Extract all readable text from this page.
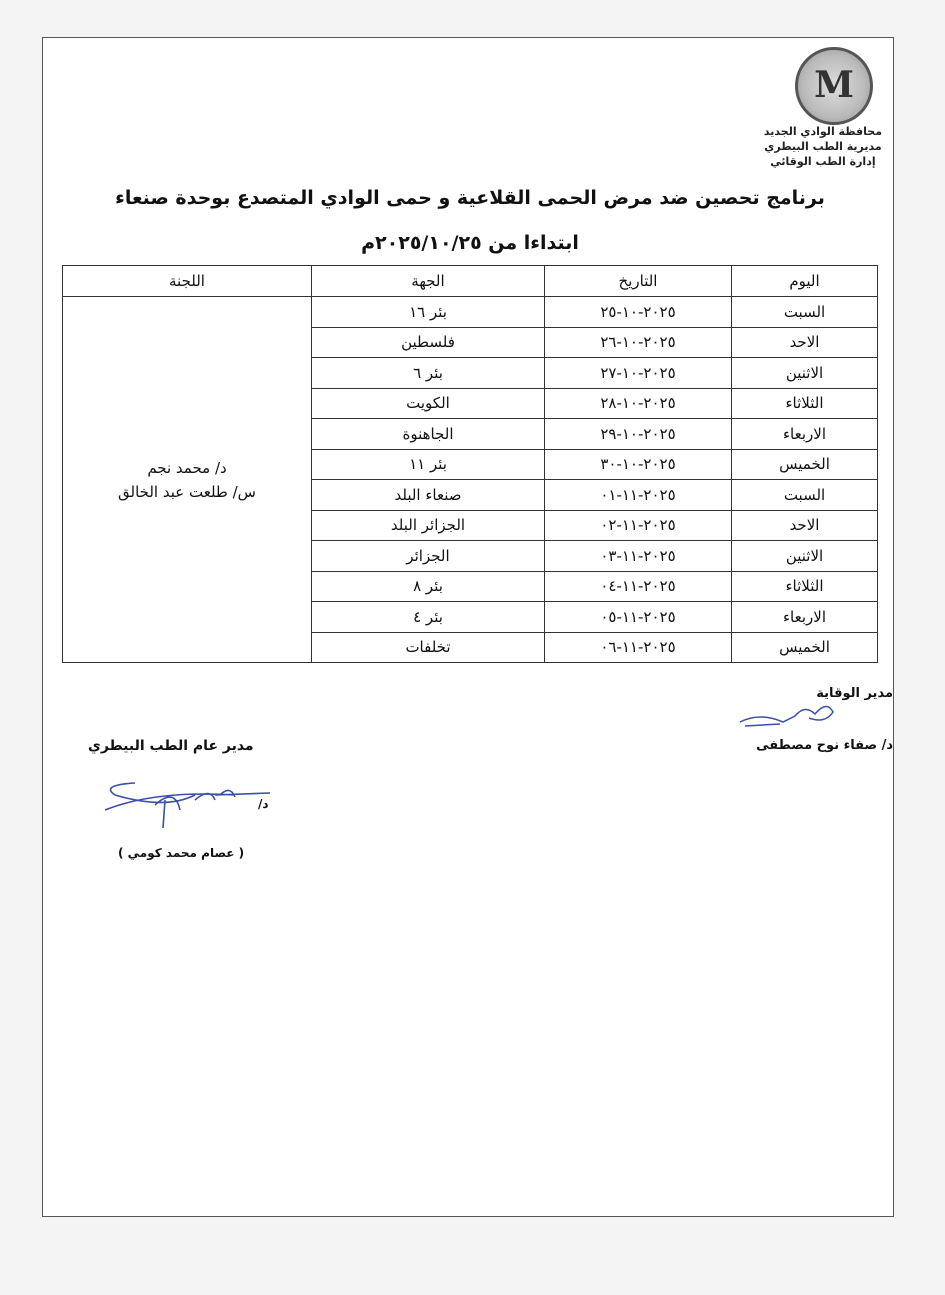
M
محافظة الوادي الجديد
مديرية الطب البيطري
إدارة الطب الوقائي
برنامج تحصين ضد مرض الحمى القلاعية و حمى الوادي المتصدع بوحدة صنعاء
ابتداءا من ٢٠٢٥/١٠/٢٥م
اليوم	التاريخ	الجهة	اللجنة
السبت	٢٠٢٥-١٠-٢٥	بئر ١٦	د/ محمد نجم
س/ طلعت عبد الخالق

الاحد	٢٠٢٥-١٠-٢٦	فلسطين	
الاثنين	٢٠٢٥-١٠-٢٧	بئر ٦	
الثلاثاء	٢٠٢٥-١٠-٢٨	الكويت	
الاربعاء	٢٠٢٥-١٠-٢٩	الجاهنوة	
الخميس	٢٠٢٥-١٠-٣٠	بئر ١١	
السبت	٢٠٢٥-١١-٠١	صنعاء البلد	
الاحد	٢٠٢٥-١١-٠٢	الجزائر البلد	
الاثنين	٢٠٢٥-١١-٠٣	الجزائر	
الثلاثاء	٢٠٢٥-١١-٠٤	بئر ٨	
الاربعاء	٢٠٢٥-١١-٠٥	بئر ٤	
الخميس	٢٠٢٥-١١-٠٦	تخلفات	
مدير الوقاية
د/ صفاء نوح مصطفى
مدير عام الطب البيطري
د/
( عصام محمد كومي )
